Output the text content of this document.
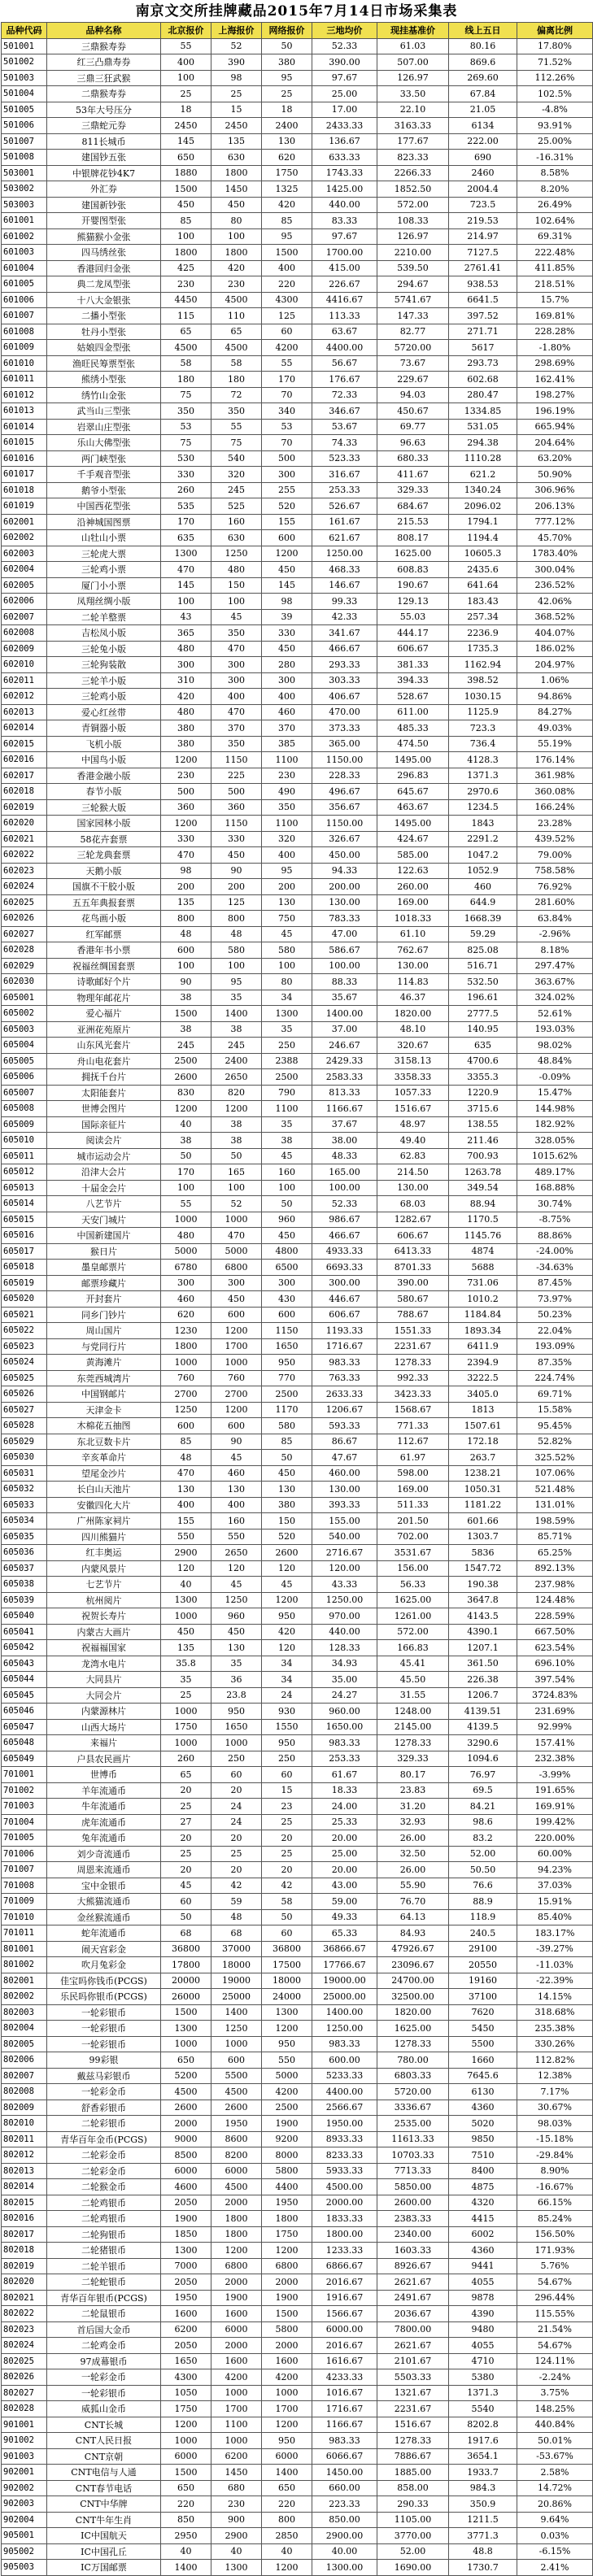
南京文交所挂牌藏品2015年7月14日市场采集表
品种代码	品种名称	北京报价	上海报价	网络报价	三地均价	现挂基准价	线上五日	偏离比例
501001	三鼎猴寿券	55	52	50	52.33	61.03	80.16	17.80%
501002	红三凸鼎寿券	400	390	380	390.00	507.00	869.6	71.52%
501003	三鼎三狂武猴	100	98	95	97.67	126.97	269.60	112.26%
501004	二鼎猴寿券	25	25	25	25.00	33.50	67.84	102.5%
501005	53年大号压分	18	15	18	17.00	22.10	21.05	-4.8%
501006	三鼎蛇元券	2450	2450	2400	2433.33	3163.33	6134	93.91%
501007	811长城币	145	135	130	136.67	177.67	222.00	25.00%
501008	建国钞五张	650	630	620	633.33	823.33	690	-16.31%
503001	中银牌花钞4K7	1880	1800	1750	1743.33	2266.33	2460	8.58%
503002	外汇券	1500	1450	1325	1425.00	1852.50	2004.4	8.20%
503003	建国新钞张	450	450	420	440.00	572.00	723.5	26.49%
601001	开婴图型张	85	80	85	83.33	108.33	219.53	102.64%
601002	熊猫猴小金张	100	100	95	97.67	126.97	214.97	69.31%
601003	四马绣丝张	1800	1800	1500	1700.00	2210.00	7127.5	222.48%
601004	香港回归金张	425	420	400	415.00	539.50	2761.41	411.85%
601005	典二龙凤型张	230	230	220	226.67	294.67	938.53	218.51%
601006	十八大金银张	4450	4500	4300	4416.67	5741.67	6641.5	15.7%
601007	二播小型张	115	110	125	113.33	147.33	397.52	169.81%
601008	牡丹小型张	65	65	60	63.67	82.77	271.71	228.28%
601009	姑娘四金型张	4500	4500	4200	4400.00	5720.00	5617	-1.80%
601010	渔旺民筹票型张	58	58	55	56.67	73.67	293.73	298.69%
601011	熊绣小型张	180	180	170	176.67	229.67	602.68	162.41%
601012	绣竹山金张	75	72	70	72.33	94.03	280.47	198.27%
601013	武当山三型张	350	350	340	346.67	450.67	1334.85	196.19%
601014	岩翠山庄型张	53	55	53	53.67	69.77	531.05	665.94%
601015	乐山大佛型张	75	75	70	74.33	96.63	294.38	204.64%
601016	两门峡型张	530	540	500	523.33	680.33	1110.28	63.20%
601017	千手观音型张	330	320	300	316.67	411.67	621.2	50.90%
601018	鹅爷小型张	260	245	255	253.33	329.33	1340.24	306.96%
601019	中国西花型张	535	525	520	526.67	684.67	2096.02	206.13%
602001	沿神城国图票	170	160	155	161.67	215.53	1794.1	777.12%
602002	山牡山小票	635	630	600	621.67	808.17	1194.4	45.70%
602003	三轮虎大票	1300	1250	1200	1250.00	1625.00	10605.3	1783.40%
602004	三轮鸡小票	470	480	450	468.33	608.83	2435.6	300.04%
602005	厦门小小票	145	150	145	146.67	190.67	641.64	236.52%
602006	凤翔丝绸小版	100	100	98	99.33	129.13	183.43	42.06%
602007	二轮羊整票	43	45	39	42.33	55.03	257.34	368.52%
602008	吉松凤小版	365	350	330	341.67	444.17	2236.9	404.07%
602009	三轮兔小版	480	470	450	466.67	606.67	1735.3	186.02%
602010	三轮狗装散	300	300	280	293.33	381.33	1162.94	204.97%
602011	三轮羊小版	310	300	300	303.33	394.33	398.52	1.06%
602012	三轮鸡小版	420	400	400	406.67	528.67	1030.15	94.86%
602013	爱心红丝带	480	470	460	470.00	611.00	1125.9	84.27%
602014	青铜器小版	380	370	370	373.33	485.33	723.3	49.03%
602015	飞机小版	380	350	385	365.00	474.50	736.4	55.19%
602016	中国鸟小版	1200	1150	1100	1150.00	1495.00	4128.3	176.14%
602017	香港金融小版	230	225	230	228.33	296.83	1371.3	361.98%
602018	春节小版	500	500	490	496.67	645.67	2970.6	360.08%
602019	三轮猴大版	360	360	350	356.67	463.67	1234.5	166.24%
602020	国家园林小版	1200	1150	1100	1150.00	1495.00	1843	23.28%
602021	58花卉套票	330	330	320	326.67	424.67	2291.2	439.52%
602022	三轮龙典套票	470	450	400	450.00	585.00	1047.2	79.00%
602023	天鹅小版	98	90	95	94.33	122.63	1052.9	758.58%
602024	国旗不干胶小版	200	200	200	200.00	260.00	460	76.92%
602025	五五年典报套票	135	125	130	130.00	169.00	644.9	281.60%
602026	花鸟画小版	800	800	750	783.33	1018.33	1668.39	63.84%
602027	红军邮票	48	48	45	47.00	61.10	59.29	-2.96%
602028	香港年书小票	600	580	580	586.67	762.67	825.08	8.18%
602029	祝福丝绸国套票	100	100	100	100.00	130.00	516.71	297.47%
602030	诗歌邮好个片	90	95	80	88.33	114.83	532.50	363.67%
605001	物理年邮花片	38	35	34	35.67	46.37	196.61	324.02%
605002	爱心福片	1500	1400	1300	1400.00	1820.00	2777.5	52.61%
605003	亚洲花苑原片	38	38	35	37.00	48.10	140.95	193.03%
605004	山东风光套片	245	245	250	246.67	320.67	635	98.02%
605005	舟山电花套片	2500	2400	2388	2429.33	3158.13	4700.6	48.84%
605006	拥抚千台片	2600	2650	2500	2583.33	3358.33	3355.3	-0.09%
605007	太阳能套片	830	820	790	813.33	1057.33	1220.9	15.47%
605008	世博会图片	1200	1200	1100	1166.67	1516.67	3715.6	144.98%
605009	国际亲征片	40	38	35	37.67	48.97	138.55	182.92%
605010	阅读会片	38	38	38	38.00	49.40	211.46	328.05%
605011	城市运动会片	50	50	45	48.33	62.83	700.93	1015.62%
605012	沿津大会片	170	165	160	165.00	214.50	1263.78	489.17%
605013	十届金会片	100	100	100	100.00	130.00	349.54	168.88%
605014	八艺节片	55	52	50	52.33	68.03	88.94	30.74%
605015	天安门城片	1000	1000	960	986.67	1282.67	1170.5	-8.75%
605016	中国新建国片	480	470	450	466.67	606.67	1145.76	88.86%
605017	猴日片	5000	5000	4800	4933.33	6413.33	4874	-24.00%
605018	墨皇邮票片	6780	6800	6500	6693.33	8701.33	5688	-34.63%
605019	邮票珍藏片	300	300	300	300.00	390.00	731.06	87.45%
605020	开封套片	460	450	430	446.67	580.67	1010.2	73.97%
605021	同乡门钞片	620	600	600	606.67	788.67	1184.84	50.23%
605022	周山国片	1230	1200	1150	1193.33	1551.33	1893.34	22.04%
605023	与党同行片	1800	1700	1650	1716.67	2231.67	6411.9	193.09%
605024	黄海滩片	1000	1000	950	983.33	1278.33	2394.9	87.35%
605025	东莞西城湾片	760	760	770	763.33	992.33	3222.5	224.74%
605026	中国钢邮片	2700	2700	2500	2633.33	3423.33	3405.0	69.71%
605027	天津金卡	1250	1200	1170	1206.67	1568.67	1813	15.58%
605028	木棉花五抽图	600	600	580	593.33	771.33	1507.61	95.45%
605029	东北豆数卡片	85	90	85	86.67	112.67	172.18	52.82%
605030	辛亥革命片	48	45	50	47.67	61.97	263.7	325.52%
605031	望尾金沙片	470	460	450	460.00	598.00	1238.21	107.06%
605032	长白山天池片	130	130	130	130.00	169.00	1050.31	521.48%
605033	安徽四化大片	400	400	380	393.33	511.33	1181.22	131.01%
605034	广州陈家祠片	155	160	150	155.00	201.50	601.66	198.59%
605035	四川熊猫片	550	550	520	540.00	702.00	1303.7	85.71%
605036	红丰奥运	2900	2650	2600	2716.67	3531.67	5836	65.25%
605037	内蒙风景片	120	120	120	120.00	156.00	1547.72	892.13%
605038	七艺节片	40	45	45	43.33	56.33	190.38	237.98%
605039	杭州阅片	1300	1250	1200	1250.00	1625.00	3647.8	124.48%
605040	祝贺长寿片	1000	960	950	970.00	1261.00	4143.5	228.59%
605041	内蒙古大画片	450	450	420	440.00	572.00	4390.1	667.50%
605042	祝福福国家	135	130	120	128.33	166.83	1207.1	623.54%
605043	龙湾水电片	35.8	35	34	34.93	45.41	361.50	696.10%
605044	大同县片	35	36	34	35.00	45.50	226.38	397.54%
605045	大同会片	25	23.8	24	24.27	31.55	1206.7	3724.83%
605046	内蒙源林片	1000	950	930	960.00	1248.00	4139.51	231.69%
605047	山西大场片	1750	1650	1550	1650.00	2145.00	4139.5	92.99%
605048	来福片	1000	1000	950	983.33	1278.33	3290.6	157.41%
605049	户县农民画片	260	250	250	253.33	329.33	1094.6	232.38%
701001	世博币	65	60	60	61.67	80.17	76.97	-3.99%
701002	羊年流通币	20	20	15	18.33	23.83	69.5	191.65%
701003	牛年流通币	25	24	23	24.00	31.20	84.21	169.91%
701004	虎年流通币	27	24	25	25.33	32.93	98.6	199.42%
701005	兔年流通币	20	20	20	20.00	26.00	83.2	220.00%
701006	刘少奇流通币	25	25	25	25.00	32.50	52.00	60.00%
701007	周恩来流通币	20	20	20	20.00	26.00	50.50	94.23%
701008	宝中金银币	45	42	42	43.00	55.90	76.6	37.03%
701009	大熊猫流通币	60	59	58	59.00	76.70	88.9	15.91%
701010	金丝猴流通币	50	48	50	49.33	64.13	118.9	85.40%
701011	蛇年流通币	68	68	60	65.33	84.93	240.5	183.17%
801001	闹天宫彩金	36800	37000	36800	36866.67	47926.67	29100	-39.27%
801002	吹月兔彩金	17800	18000	17500	17766.67	23096.67	20550	-11.03%
802001	佳宝吗你钱币(PCGS)	20000	19000	18000	19000.00	24700.00	19160	-22.39%
802002	乐民吗你银币(PCGS)	26000	25000	24000	25000.00	32500.00	37100	14.15%
802003	一轮彩银币	1500	1400	1300	1400.00	1820.00	7620	318.68%
802004	一轮彩银币	1300	1250	1200	1250.00	1625.00	5450	235.38%
802005	一轮彩银币	1000	1000	950	983.33	1278.33	5500	330.26%
802006	99彩银	650	600	550	600.00	780.00	1660	112.82%
802007	戴兹马彩银币	5200	5500	5000	5233.33	6803.33	7645.6	12.38%
802008	一轮彩金币	4500	4500	4200	4400.00	5720.00	6130	7.17%
802009	舒香彩银币	2600	2600	2500	2566.67	3336.67	4360	30.67%
802010	二轮彩银币	2000	1950	1900	1950.00	2535.00	5020	98.03%
802011	青华百年金币(PCGS)	9000	8600	9200	8933.33	11613.33	9850	-15.18%
802012	二轮彩金币	8500	8200	8000	8233.33	10703.33	7510	-29.84%
802013	二轮彩金币	6000	6000	5800	5933.33	7713.33	8400	8.90%
802014	二轮猴金币	4600	4500	4400	4500.00	5850.00	4875	-16.67%
802015	二轮鸡银币	2050	2000	1950	2000.00	2600.00	4320	66.15%
802016	二轮鸡银币	1900	1800	1800	1833.33	2383.33	4415	85.24%
802017	二轮狗银币	1850	1800	1750	1800.00	2340.00	6002	156.50%
802018	二轮猪银币	1300	1200	1200	1233.33	1603.33	4360	171.93%
802019	二轮羊银币	7000	6800	6800	6866.67	8926.67	9441	5.76%
802020	二轮蛇银币	2050	2000	2000	2016.67	2621.67	4055	54.67%
802021	青华百年银币(PCGS)	1950	1900	1900	1916.67	2491.67	9878	296.44%
802022	二轮鼠银币	1600	1600	1500	1566.67	2036.67	4390	115.55%
802023	首后国大金币	6200	6000	5800	6000.00	7800.00	9480	21.54%
802024	二轮鸡金币	2050	2000	2000	2016.67	2621.67	4055	54.67%
802025	97成幕银币	1650	1600	1600	1616.67	2101.67	4710	124.11%
802026	一轮彩金币	4300	4200	4200	4233.33	5503.33	5380	-2.24%
802027	一轮彩银币	1050	1000	1000	1016.67	1321.67	1371.3	3.75%
802028	威狐山金币	1750	1700	1700	1716.67	2231.67	5540	148.25%
901001	CNT长城	1200	1100	1200	1166.67	1516.67	8202.8	440.84%
901002	CNT人民日报	1000	1000	950	983.33	1278.33	1917.6	50.01%
901003	CNT京朝	6000	6200	6000	6066.67	7886.67	3654.1	-53.67%
902001	CNT电信与人通	1500	1450	1400	1450.00	1885.00	1933.7	2.58%
902002	CNT春节电话	650	680	650	660.00	858.00	984.3	14.72%
902003	CNT中华牌	220	230	220	223.33	290.33	350.9	20.86%
902004	CNT牛年生肖	850	900	800	850.00	1105.00	1211.5	9.64%
905001	IC中国航天	2950	2900	2850	2900.00	3770.00	3771.3	0.03%
905002	IC中国孔丘	40	40	40	40.00	52.00	48.8	-6.15%
905003	IC万国邮票	1400	1300	1200	1300.00	1690.00	1730.7	2.41%
